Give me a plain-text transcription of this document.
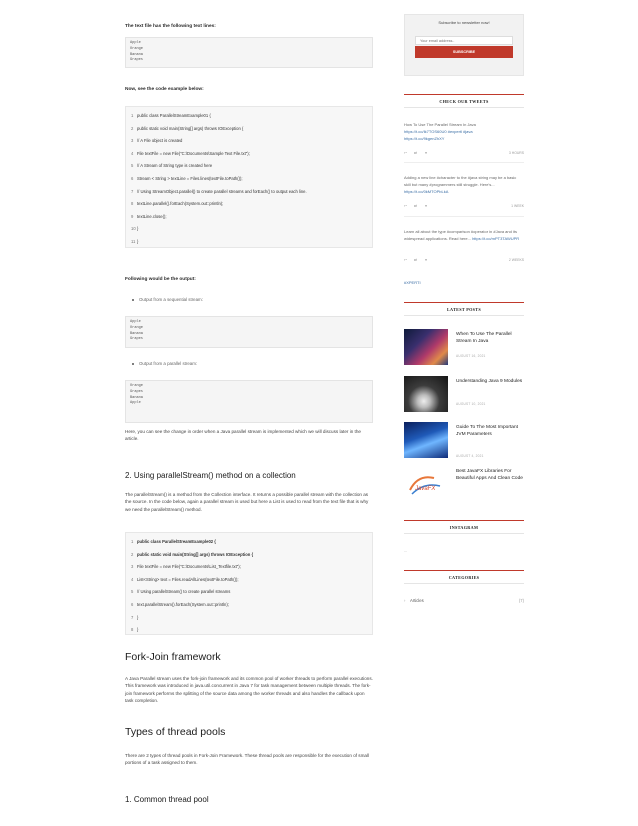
The text file has the following text lines:
Apple
Orange
Banana
Grapes
Now, see the code example below:
1 public class ParallelStreamExample01 {
2 public static void main(String[] args) throws IOException {
3 // A File object is created
4 File textFile = new File("C:\Documents\Sample Text File.txt");
5 // A Stream of String type is created here
6 Stream < String > textLine = Files.lines(textFile.toPath());
7 // Using StreamObject.parallel() to create parallel streams and forEach() to output each line.
8 textLine.parallel().forEach(System.out::println);
9 textLine.close();
10}
11 }
Following would be the output:
Output from a sequential stream:
Apple
Orange
Banana
Grapes
Output from a parallel stream:
Orange
Grapes
Banana
Apple
Here, you can see the change in order when a Java parallel stream is implemented which we will discuss later in the article.
2. Using parallelStream() method on a collection
The parallelStream() is a method from the Collection interface. It returns a possible parallel stream with the collection as the source. In the code below, again a parallel stream is used but here a List is used to read from the text file that is why we need the parallelStream() method.
1 public class ParallelStreamExample02 {
2 public static void main(String[] args) throws IOException {
3 File textFile = new File("C:\Documents\List_Textfile.txt");
4 List<String> text = Files.readAllLines(textFile.toPath());
5 // Using parallelStream() to create parallel streams
6 text.parallelStream().forEach(System.out::println);
7 }
8 }
Fork-Join framework
A Java Parallel stream uses the fork-join framework and its common pool of worker threads to perform parallel executions. This framework was introduced in java.util.concurrent in Java 7 for task management between multiple threads. The fork-join framework performs the splitting of the source data among the worker threads and also handles the callback upon task completion.
Types of thread pools
There are 2 types of thread pools in Fork-Join Framework. These thread pools are responsible for the execution of small portions of a task assigned to them.
1. Common thread pool
Subscribe to newsletter now!
Your email address..
SUBSCRIBE
CHECK OUR TWEETS
How To Use The Parallel Stream In Java
https://t.co/Ik7TOS60U0 #expertl #java
https://t.co/9kgenZhXY
↩ ⇄ ♥	3 HOURS
Adding a new line #character to the #java string may be a basic skill but many #programmers still struggle. Here's... https://t.co/0kMTOPbLkA
↩ ⇄ ♥	1 WEEK
Learn all about the type #comparison #operator in #Java and its widespread applications. Read here... https://t.co/mPT3TAWUPR
↩ ⇄ ♥	2 WEEKS
#XPERTI
LATEST POSTS
When To Use The Parallel Stream In Java
AUGUST 16, 2021
Understanding Java 9 Modules
AUGUST 10, 2021
Guide To The Most Important JVM Parameters
AUGUST 4, 2021
JavaFX
Best JavaFX Libraries For Beautiful Apps And Clean Code
INSTAGRAM
...
CATEGORIES
› Articles	(7)
